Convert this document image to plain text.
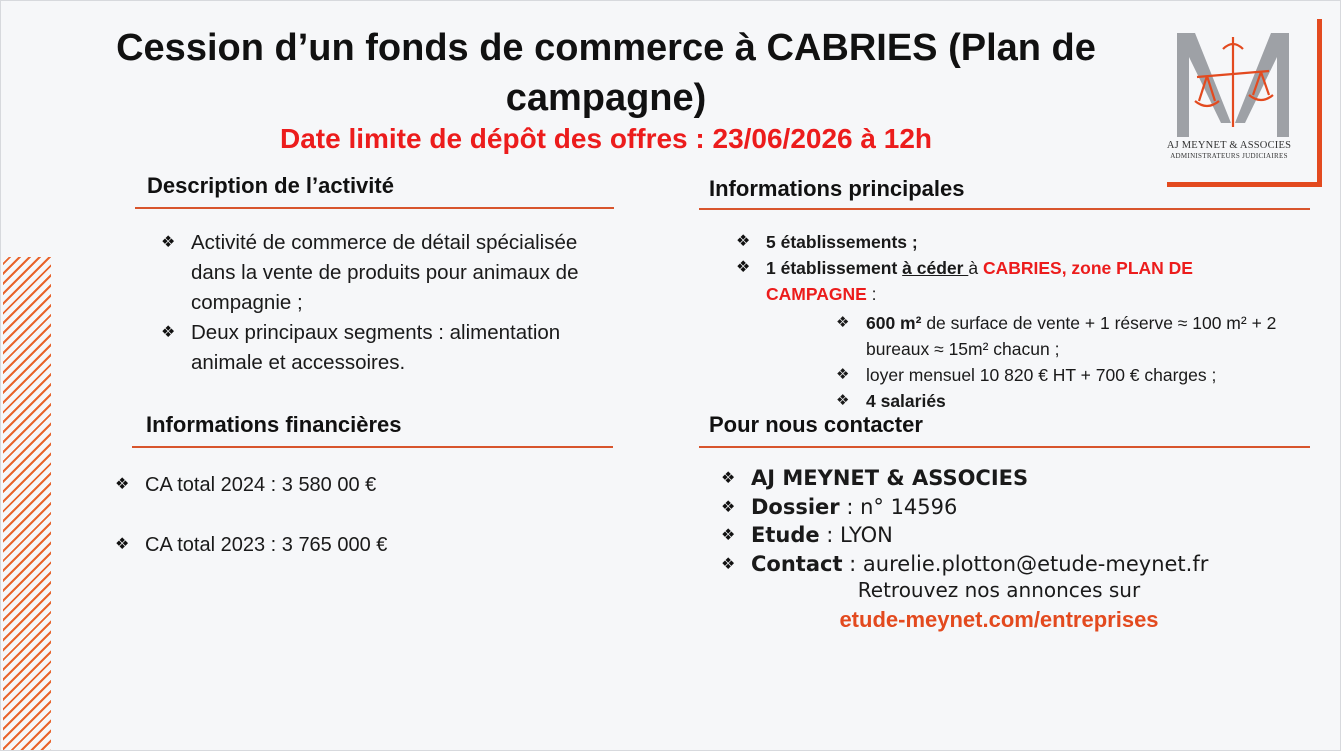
Cession d’un fonds de commerce à CABRIES (Plan de campagne)
Date limite de dépôt des offres : 23/06/2026 à 12h	AJ MEYNET & ASSOCIES
ADMINISTRATEURS JUDICIAIRES
Description de l’activité
❖ Activité de commerce de détail spécialisée dans la vente de produits pour animaux de compagnie ;
❖ Deux principaux segments : alimentation animale et accessoires.
Informations financières
❖ CA total 2024 : 3 580 00 €
❖ CA total 2023 : 3 765 000 €
Informations principales
❖ 5 établissements ;
❖ 1 établissement à céder à CABRIES, zone PLAN DE CAMPAGNE :
❖ 600 m² de surface de vente + 1 réserve ≈ 100 m² + 2 bureaux ≈ 15m² chacun ;
❖ loyer mensuel 10 820 € HT + 700 € charges ;
❖ 4 salariés
Pour nous contacter
❖ AJ MEYNET & ASSOCIES
❖ Dossier : n° 14596
❖ Etude : LYON
❖ Contact : aurelie.plotton@etude-meynet.fr
Retrouvez nos annonces sur
etude-meynet.com/entreprises
